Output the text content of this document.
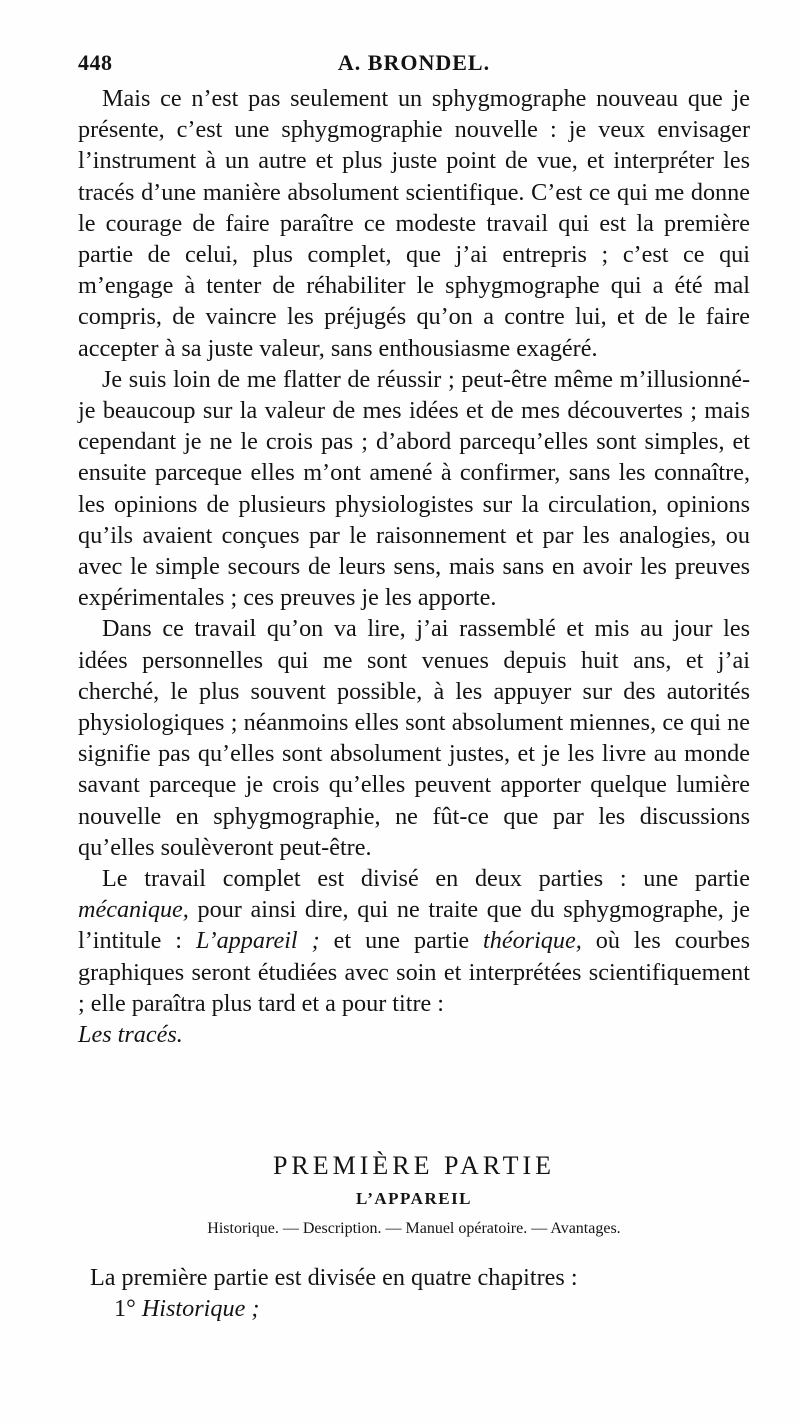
448	A. BRONDEL.

Mais ce n’est pas seulement un sphygmographe nouveau que je présente, c’est une sphygmographie nouvelle : je veux envisager l’instrument à un autre et plus juste point de vue, et interpréter les tracés d’une manière absolument scientifique. C’est ce qui me donne le courage de faire paraître ce modeste travail qui est la première partie de celui, plus complet, que j’ai entrepris ; c’est ce qui m’engage à tenter de réhabiliter le sphygmographe qui a été mal compris, de vaincre les préjugés qu’on a contre lui, et de le faire accepter à sa juste valeur, sans enthousiasme exagéré.

Je suis loin de me flatter de réussir ; peut-être même m’illusionné-je beaucoup sur la valeur de mes idées et de mes découvertes ; mais cependant je ne le crois pas ; d’abord parcequ’elles sont simples, et ensuite parceque elles m’ont amené à confirmer, sans les connaître, les opinions de plusieurs physiologistes sur la circulation, opinions qu’ils avaient conçues par le raisonnement et par les analogies, ou avec le simple secours de leurs sens, mais sans en avoir les preuves expérimentales ; ces preuves je les apporte.

Dans ce travail qu’on va lire, j’ai rassemblé et mis au jour les idées personnelles qui me sont venues depuis huit ans, et j’ai cherché, le plus souvent possible, à les appuyer sur des autorités physiologiques ; néanmoins elles sont absolument miennes, ce qui ne signifie pas qu’elles sont absolument justes, et je les livre au monde savant parceque je crois qu’elles peuvent apporter quelque lumière nouvelle en sphygmographie, ne fût-ce que par les discussions qu’elles soulèveront peut-être.

Le travail complet est divisé en deux parties : une partie mécanique, pour ainsi dire, qui ne traite que du sphygmographe, je l’intitule : L’appareil ; et une partie théorique, où les courbes graphiques seront étudiées avec soin et interprétées scientifiquement ; elle paraîtra plus tard et a pour titre :
Les tracés.

PREMIÈRE PARTIE

L’APPAREIL

Historique. — Description. — Manuel opératoire. — Avantages.

La première partie est divisée en quatre chapitres :

1° Historique ;
